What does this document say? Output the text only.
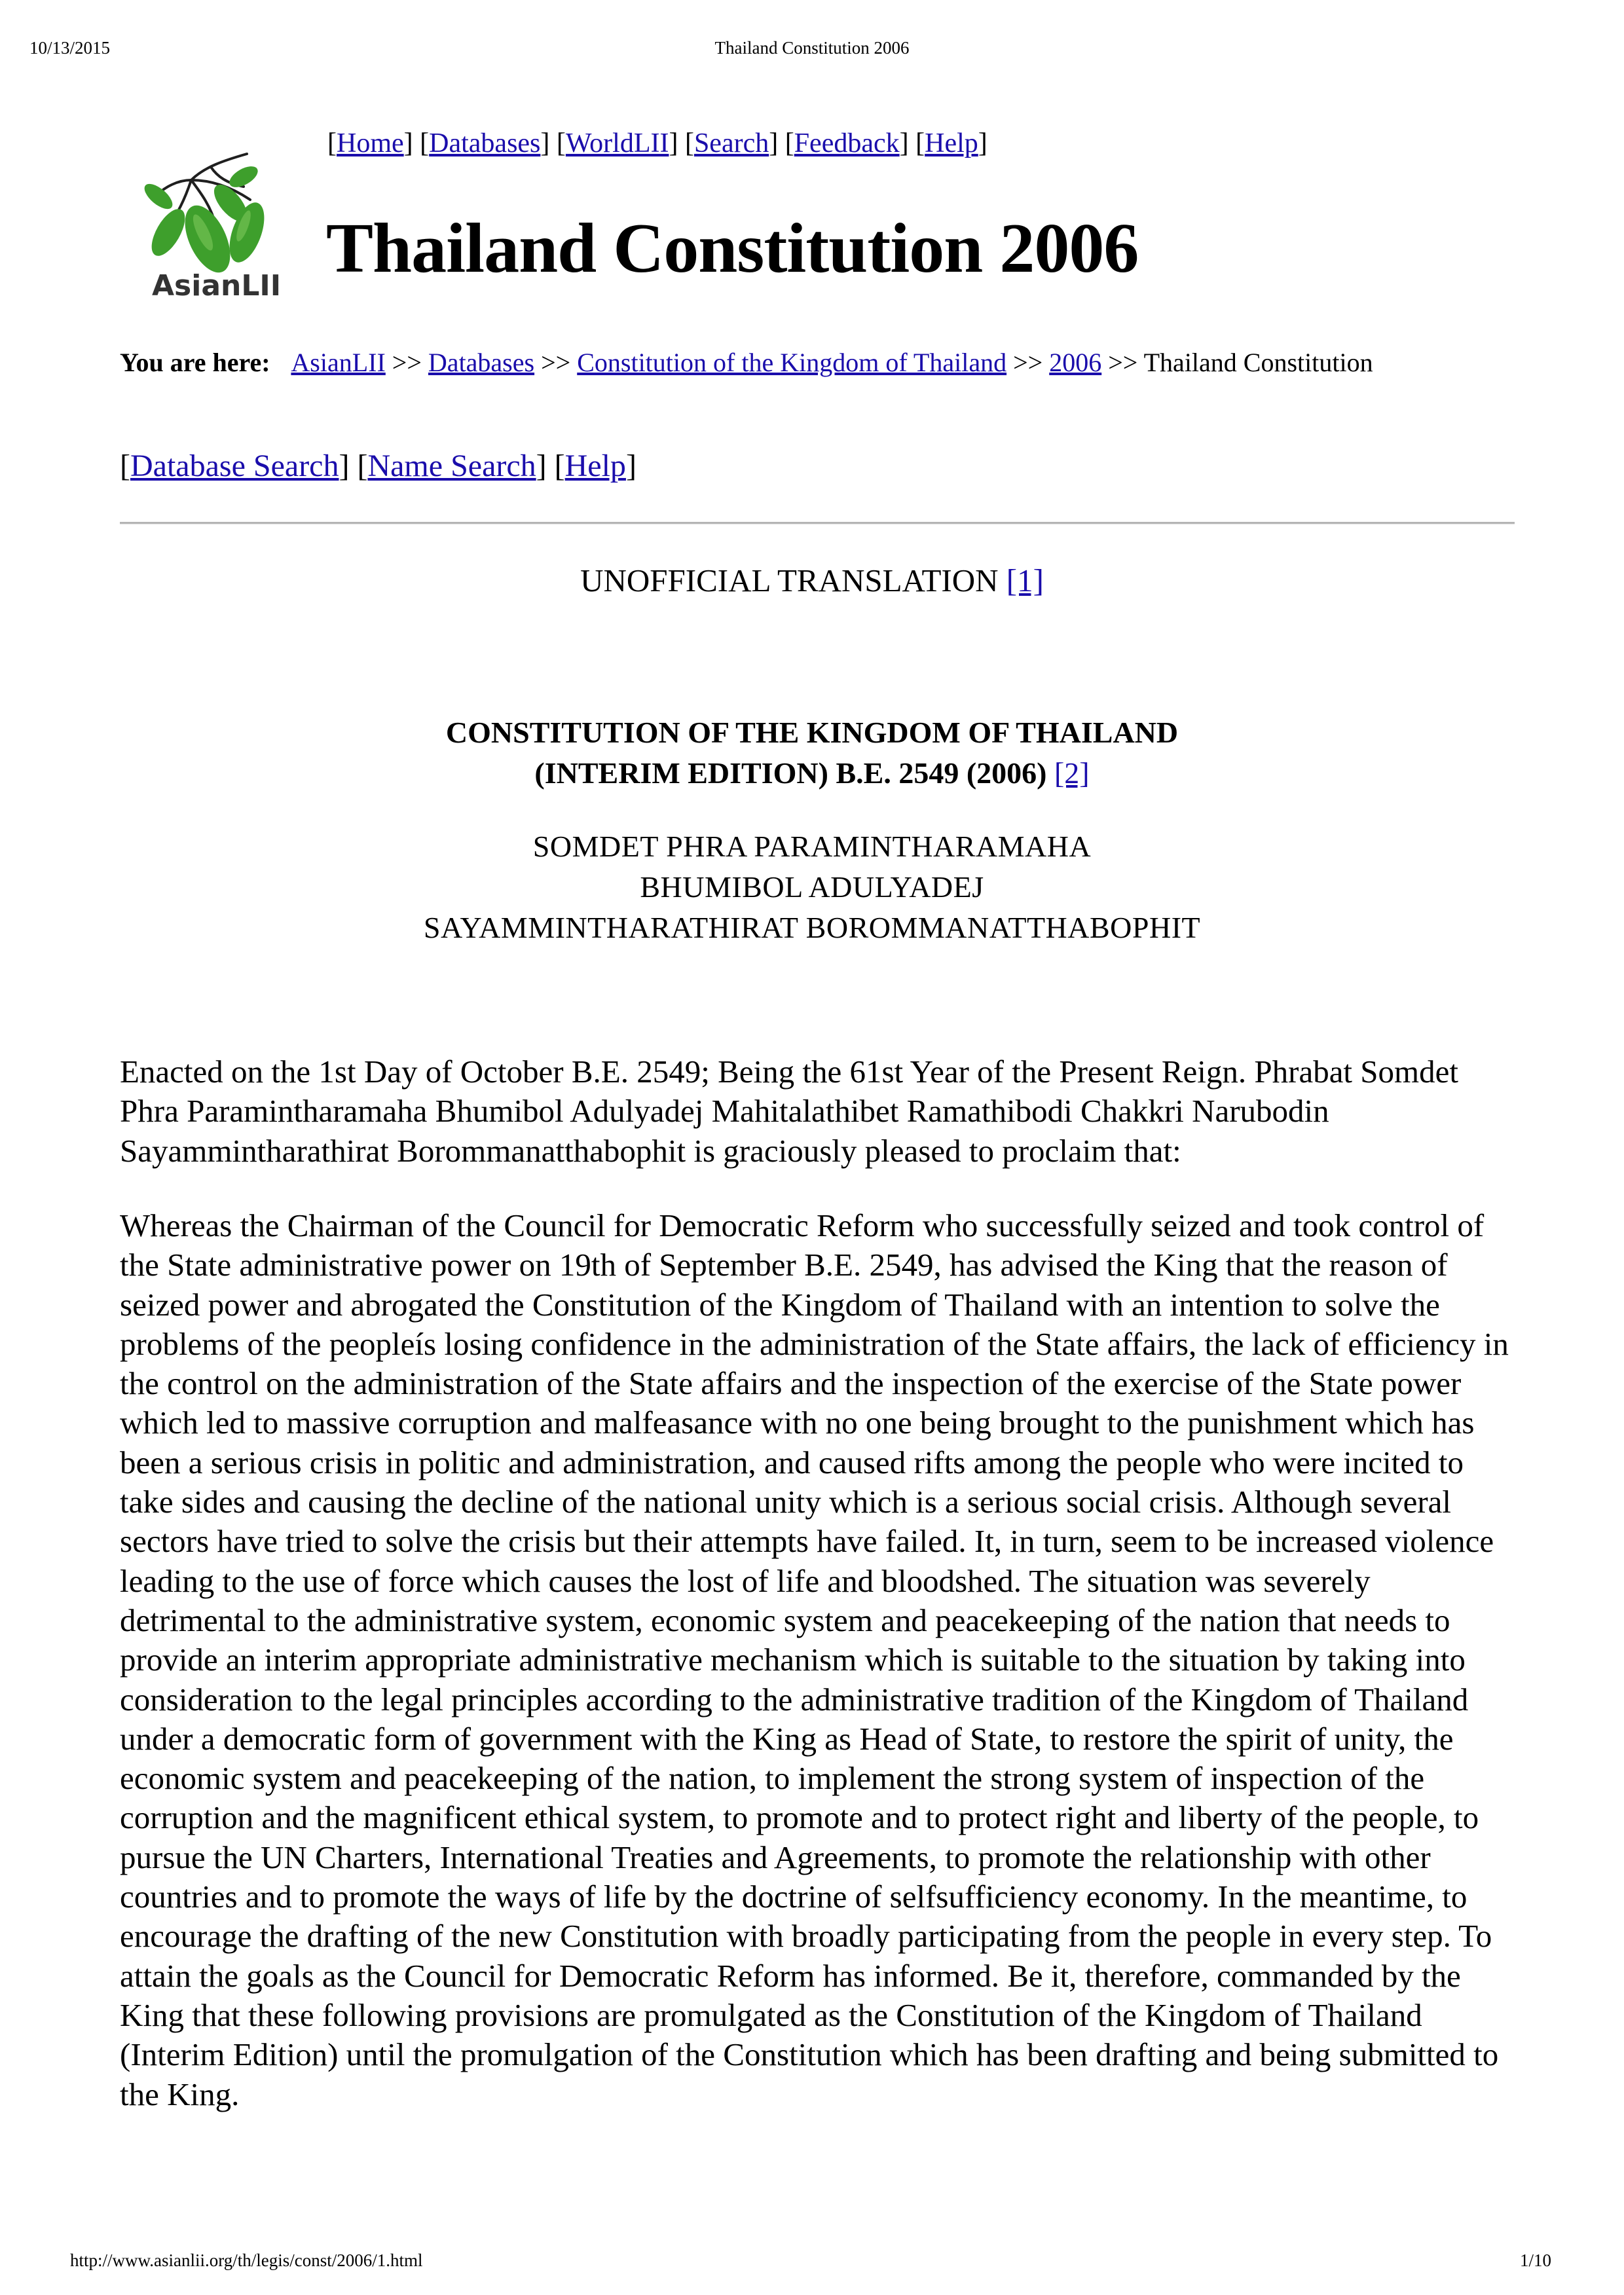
10/13/2015	Thailand Constitution 2006
AsianLII
[Home] [Databases] [WorldLII] [Search] [Feedback] [Help]
Thailand Constitution 2006
You are here: AsianLII >> Databases >> Constitution of the Kingdom of Thailand >> 2006 >> Thailand Constitution
[Database Search] [Name Search] [Help]
UNOFFICIAL TRANSLATION [1]
CONSTITUTION OF THE KINGDOM OF THAILAND
(INTERIM EDITION) B.E. 2549 (2006) [2]
SOMDET PHRA PARAMINTHARAMAHA
BHUMIBOL ADULYADEJ
SAYAMMINTHARATHIRAT BOROMMANATTHABOPHIT
Enacted on the 1st Day of October B.E. 2549; Being the 61st Year of the Present Reign. Phrabat Somdet Phra Paramintharamaha Bhumibol Adulyadej Mahitalathibet Ramathibodi Chakkri Narubodin Sayammintharathirat Borommanatthabophit is graciously pleased to proclaim that:
Whereas the Chairman of the Council for Democratic Reform who successfully seized and took control of the State administrative power on 19th of September B.E. 2549, has advised the King that the reason of seized power and abrogated the Constitution of the Kingdom of Thailand with an intention to solve the problems of the peopleís losing confidence in the administration of the State affairs, the lack of efficiency in the control on the administration of the State affairs and the inspection of the exercise of the State power which led to massive corruption and malfeasance with no one being brought to the punishment which has been a serious crisis in politic and administration, and caused rifts among the people who were incited to take sides and causing the decline of the national unity which is a serious social crisis. Although several sectors have tried to solve the crisis but their attempts have failed. It, in turn, seem to be increased violence leading to the use of force which causes the lost of life and bloodshed. The situation was severely detrimental to the administrative system, economic system and peacekeeping of the nation that needs to provide an interim appropriate administrative mechanism which is suitable to the situation by taking into consideration to the legal principles according to the administrative tradition of the Kingdom of Thailand under a democratic form of government with the King as Head of State, to restore the spirit of unity, the economic system and peacekeeping of the nation, to implement the strong system of inspection of the corruption and the magnificent ethical system, to promote and to protect right and liberty of the people, to pursue the UN Charters, International Treaties and Agreements, to promote the relationship with other countries and to promote the ways of life by the doctrine of selfsufficiency economy. In the meantime, to encourage the drafting of the new Constitution with broadly participating from the people in every step. To attain the goals as the Council for Democratic Reform has informed. Be it, therefore, commanded by the King that these following provisions are promulgated as the Constitution of the Kingdom of Thailand (Interim Edition) until the promulgation of the Constitution which has been drafting and being submitted to the King.
http://www.asianlii.org/th/legis/const/2006/1.html	1/10
